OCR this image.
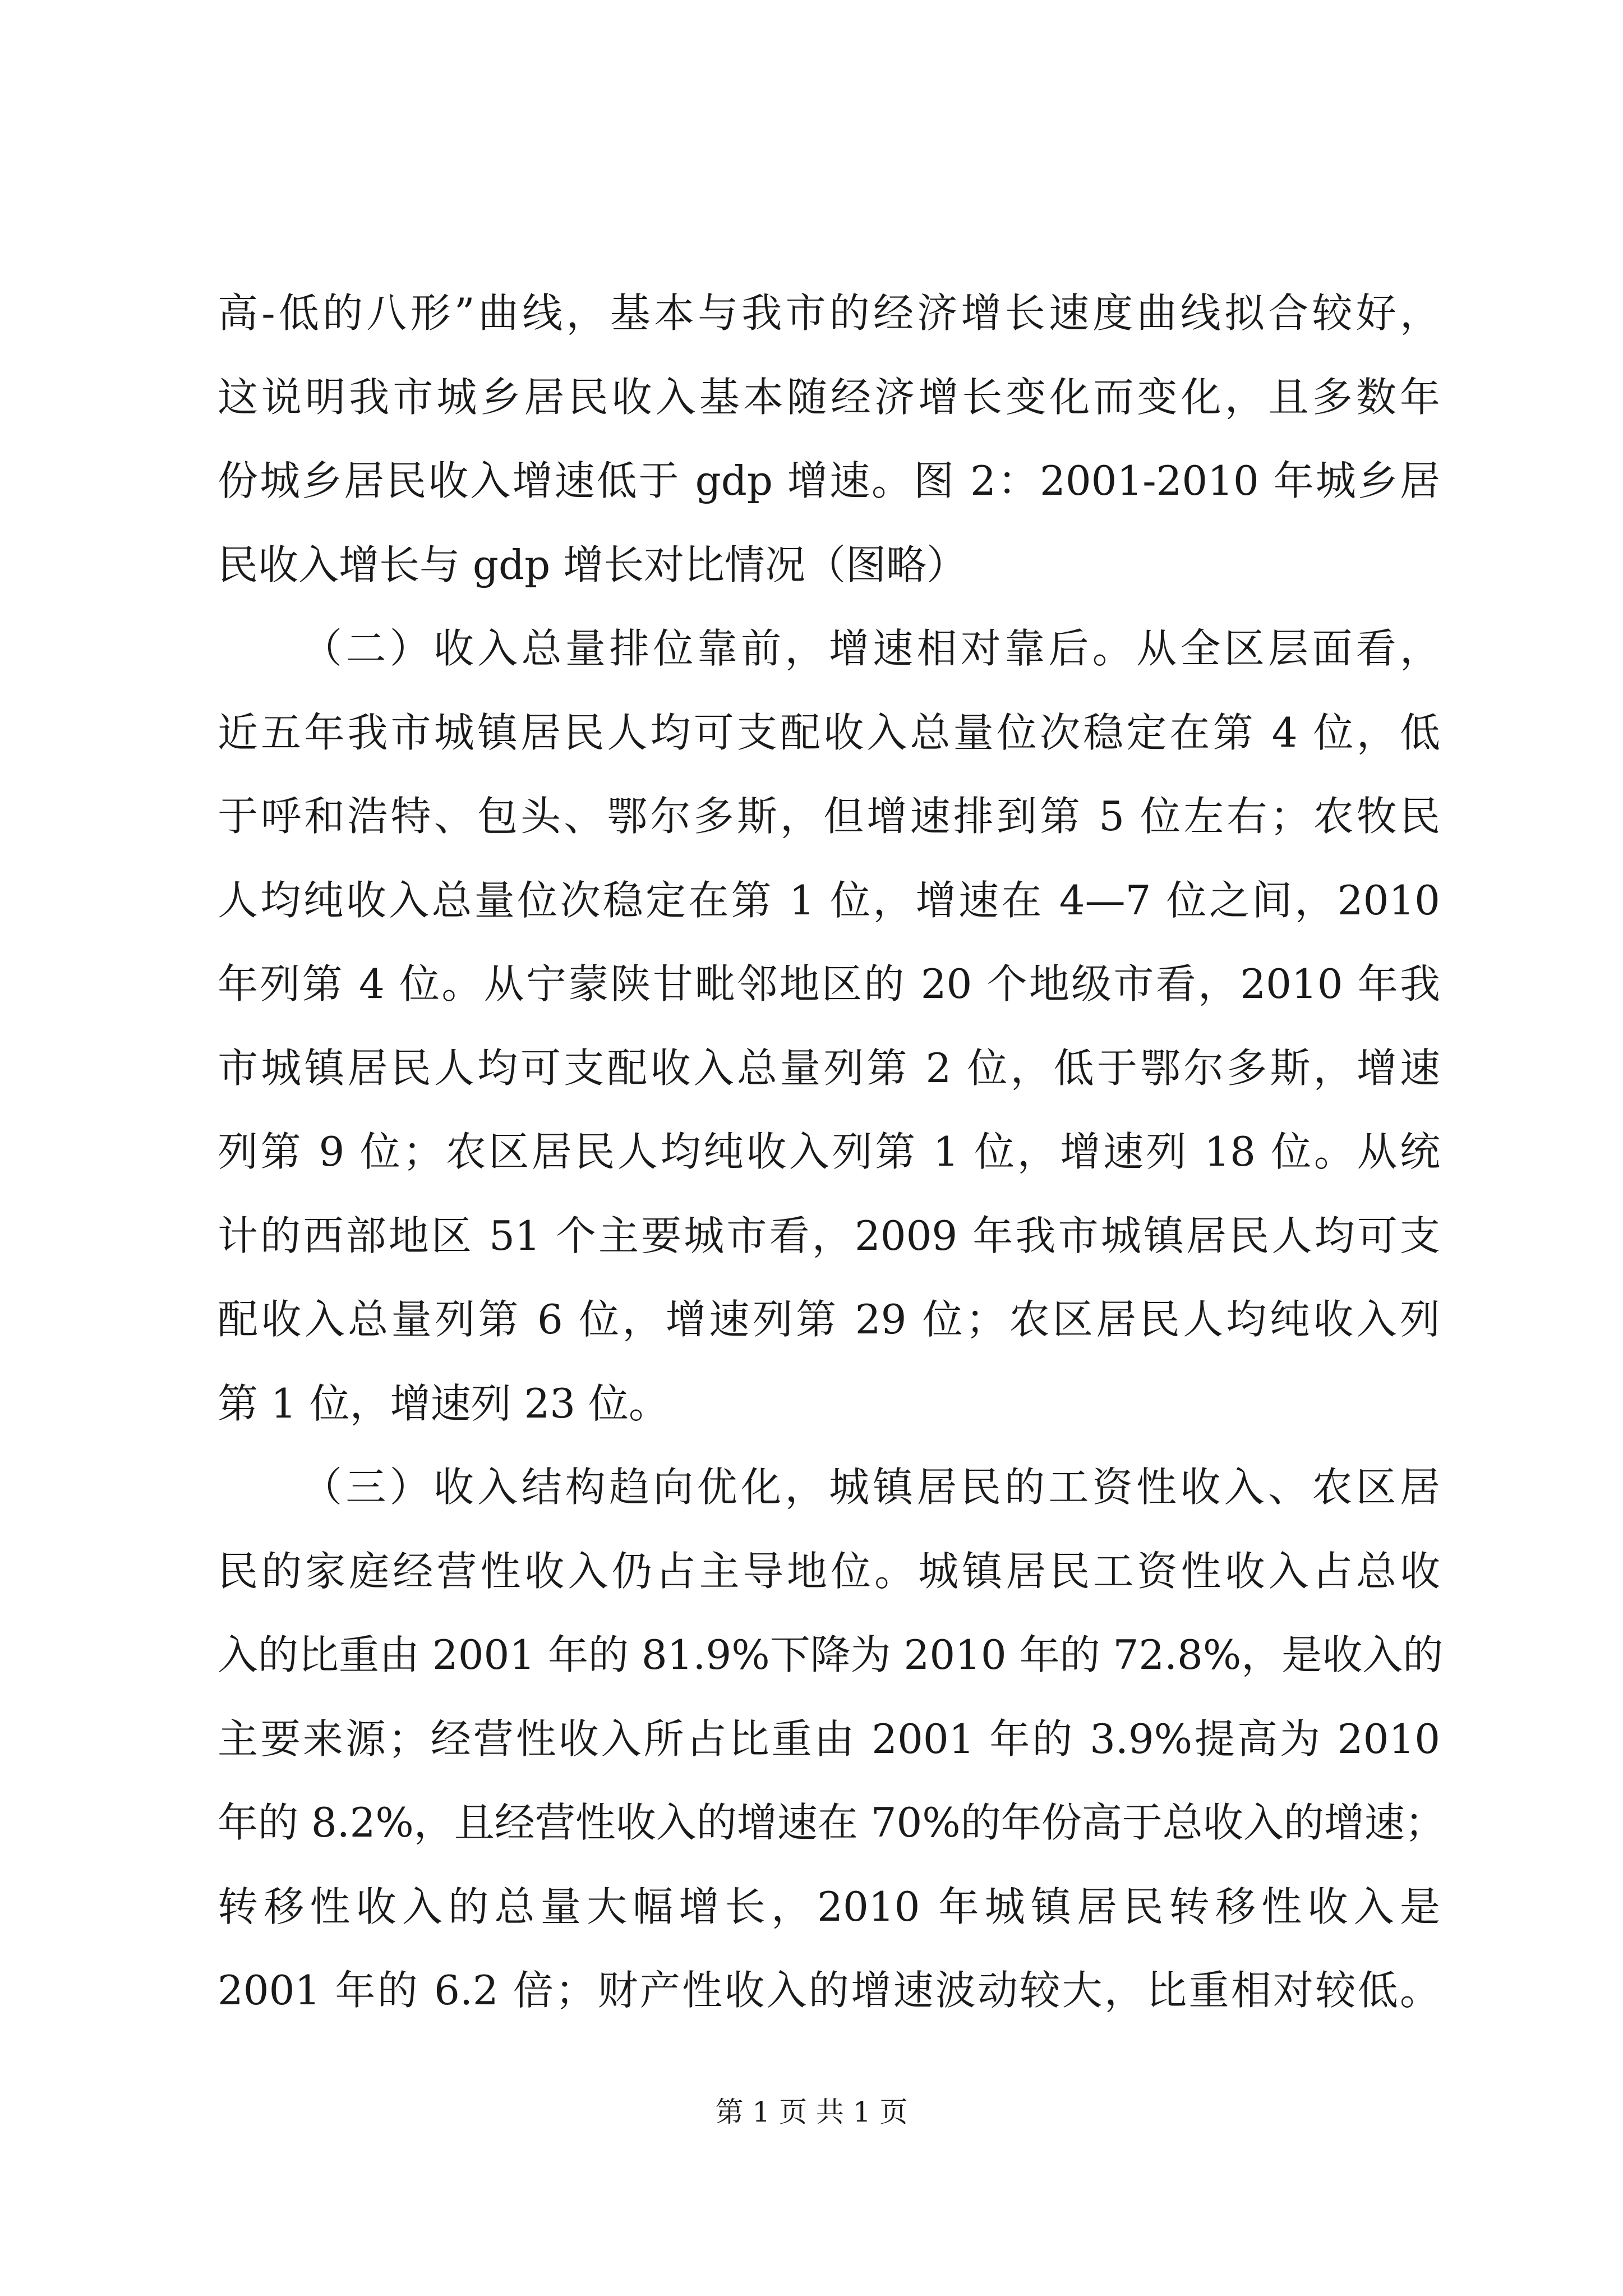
高-低的八形”曲线，基本与我市的经济增长速度曲线拟合较好，
这说明我市城乡居民收入基本随经济增长变化而变化，且多数年
份城乡居民收入增速低于 gdp 增速。图 2：2001-2010 年城乡居
民收入增长与 gdp 增长对比情况（图略）
（二）收入总量排位靠前，增速相对靠后。从全区层面看，
近五年我市城镇居民人均可支配收入总量位次稳定在第 4 位，低
于呼和浩特、包头、鄂尔多斯，但增速排到第 5 位左右；农牧民
人均纯收入总量位次稳定在第 1 位，增速在 4—7 位之间，2010
年列第 4 位。从宁蒙陕甘毗邻地区的 20 个地级市看，2010 年我
市城镇居民人均可支配收入总量列第 2 位，低于鄂尔多斯，增速
列第 9 位；农区居民人均纯收入列第 1 位，增速列 18 位。从统
计的西部地区 51 个主要城市看，2009 年我市城镇居民人均可支
配收入总量列第 6 位，增速列第 29 位；农区居民人均纯收入列
第 1 位，增速列 23 位。
（三）收入结构趋向优化，城镇居民的工资性收入、农区居
民的家庭经营性收入仍占主导地位。城镇居民工资性收入占总收
入的比重由 2001 年的 81.9%下降为 2010 年的 72.8%，是收入的
主要来源；经营性收入所占比重由 2001 年的 3.9%提高为 2010
年的 8.2%，且经营性收入的增速在 70%的年份高于总收入的增速；
转移性收入的总量大幅增长，2010 年城镇居民转移性收入是
2001 年的 6.2 倍；财产性收入的增速波动较大，比重相对较低。
第 1 页 共 1 页
